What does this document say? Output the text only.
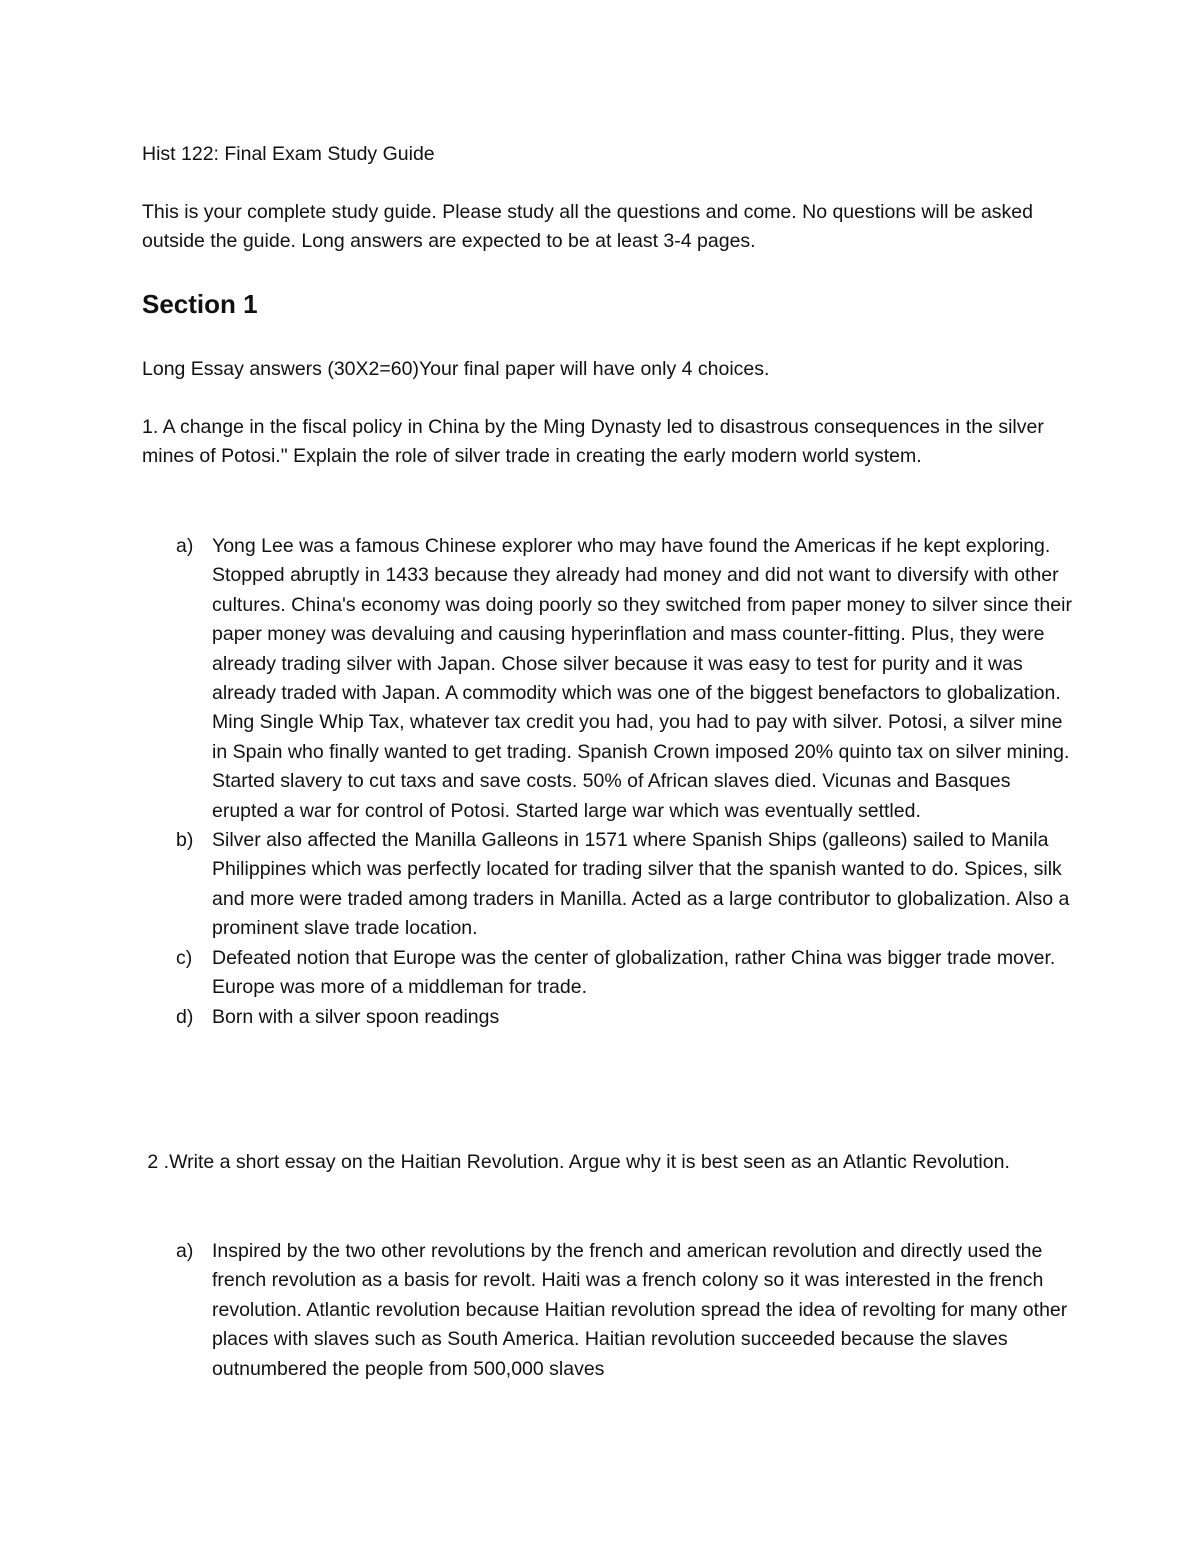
Hist 122: Final Exam Study Guide

This is your complete study guide. Please study all the questions and come. No questions will be asked outside the guide. Long answers are expected to be at least 3-4 pages.

Section 1

Long Essay answers (30X2=60)Your final paper will have only 4 choices.

1. A change in the fiscal policy in China by the Ming Dynasty led to disastrous consequences in the silver mines of Potosi." Explain the role of silver trade in creating the early modern world system.

a) Yong Lee was a famous Chinese explorer who may have found the Americas if he kept exploring. Stopped abruptly in 1433 because they already had money and did not want to diversify with other cultures. China's economy was doing poorly so they switched from paper money to silver since their paper money was devaluing and causing hyperinflation and mass counter-fitting. Plus, they were already trading silver with Japan. Chose silver because it was easy to test for purity and it was already traded with Japan. A commodity which was one of the biggest benefactors to globalization. Ming Single Whip Tax, whatever tax credit you had, you had to pay with silver. Potosi, a silver mine in Spain who finally wanted to get trading. Spanish Crown imposed 20% quinto tax on silver mining. Started slavery to cut taxs and save costs. 50% of African slaves died. Vicunas and Basques erupted a war for control of Potosi. Started large war which was eventually settled.
b) Silver also affected the Manilla Galleons in 1571 where Spanish Ships (galleons) sailed to Manila Philippines which was perfectly located for trading silver that the spanish wanted to do. Spices, silk and more were traded among traders in Manilla. Acted as a large contributor to globalization. Also a prominent slave trade location.
c)	Defeated notion that Europe was the center of globalization, rather China was bigger trade mover. Europe was more of a middleman for trade.
d) Born with a silver spoon readings

2 .Write a short essay on the Haitian Revolution. Argue why it is best seen as an Atlantic Revolution.

a) Inspired by the two other revolutions by the french and american revolution and directly used the french revolution as a basis for revolt. Haiti was a french colony so it was interested in the french revolution. Atlantic revolution because Haitian revolution spread the idea of revolting for many other places with slaves such as South America. Haitian revolution succeeded because the slaves outnumbered the people from 500,000 slaves
